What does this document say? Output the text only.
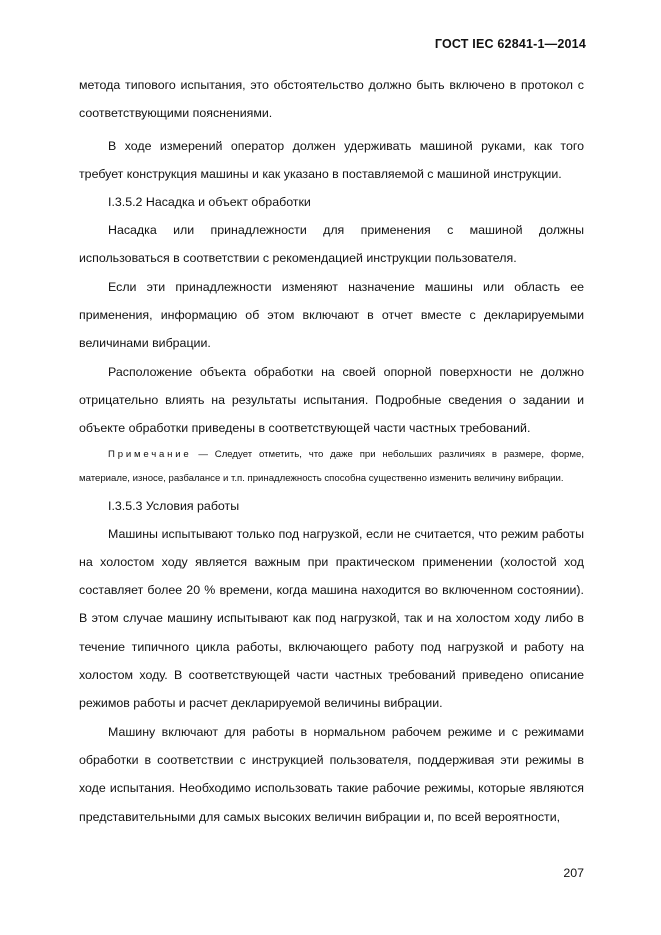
ГОСТ IEC 62841-1—2014

метода типового испытания, это обстоятельство должно быть включено в протокол с соответствующими пояснениями.

В ходе измерений оператор должен удерживать машиной руками, как того требует конструкция машины и как указано в поставляемой с машиной инструкции.

I.3.5.2 Насадка и объект обработки

Насадка или принадлежности для применения с машиной должны использоваться в соответствии с рекомендацией инструкции пользователя.

Если эти принадлежности изменяют назначение машины или область ее применения, информацию об этом включают в отчет вместе с декларируемыми величинами вибрации.

Расположение объекта обработки на своей опорной поверхности не должно отрицательно влиять на результаты испытания. Подробные сведения о задании и объекте обработки приведены в соответствующей части частных требований.

Примечание — Следует отметить, что даже при небольших различиях в размере, форме, материале, износе, разбалансе и т.п. принадлежность способна существенно изменить величину вибрации.

I.3.5.3 Условия работы

Машины испытывают только под нагрузкой, если не считается, что режим работы на холостом ходу является важным при практическом применении (холостой ход составляет более 20 % времени, когда машина находится во включенном состоянии). В этом случае машину испытывают как под нагрузкой, так и на холостом ходу либо в течение типичного цикла работы, включающего работу под нагрузкой и работу на холостом ходу. В соответствующей части частных требований приведено описание режимов работы и расчет декларируемой величины вибрации.

Машину включают для работы в нормальном рабочем режиме и с режимами обработки в соответствии с инструкцией пользователя, поддерживая эти режимы в ходе испытания. Необходимо использовать такие рабочие режимы, которые являются представительными для самых высоких величин вибрации и, по всей вероятности,

207
